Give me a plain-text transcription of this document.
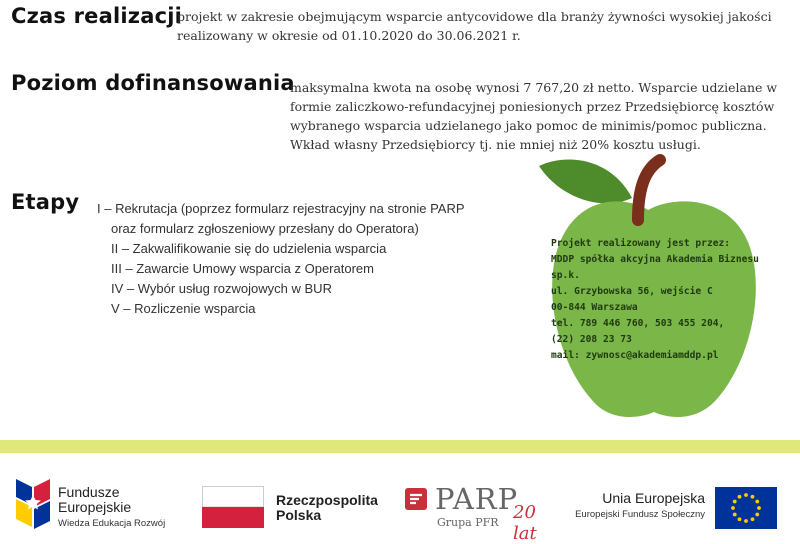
Czas realizacji

projekt w zakresie obejmującym wsparcie antycovidowe dla branży żywności wysokiej jakości
realizowany w okresie od 01.10.2020 do 30.06.2021 r.

Poziom dofinansowania

maksymalna kwota na osobę wynosi 7 767,20 zł netto. Wsparcie udzielane w
formie zaliczkowo-refundacyjnej poniesionych przez Przedsiębiorcę kosztów
wybranego wsparcia udzielanego jako pomoc de minimis/pomoc publiczna.
Wkład własny Przedsiębiorcy tj. nie mniej niż 20% kosztu usługi.

Etapy I – Rekrutacja (poprzez formularz rejestracyjny na stronie PARP
oraz formularz zgłoszeniowy przesłany do Operatora)
II – Zakwalifikowanie się do udzielenia wsparcia
III – Zawarcie Umowy wsparcia z Operatorem
IV – Wybór usług rozwojowych w BUR
V – Rozliczenie wsparcia
Projekt realizowany jest przez:
MDDP spółka akcyjna Akademia Biznesu
sp.k.
ul. Grzybowska 56, wejście C
00-844 Warszawa
tel. 789 446 760, 503 455 204,
(22) 208 23 73
mail: zywnosc@akademiamddp.pl
Fundusze
Europejskie
Wiedza Edukacja Rozwój
Rzeczpospolita
Polska	PARP
20 lat
Grupa PFR
Unia Europejska
Europejski Fundusz Społeczny
